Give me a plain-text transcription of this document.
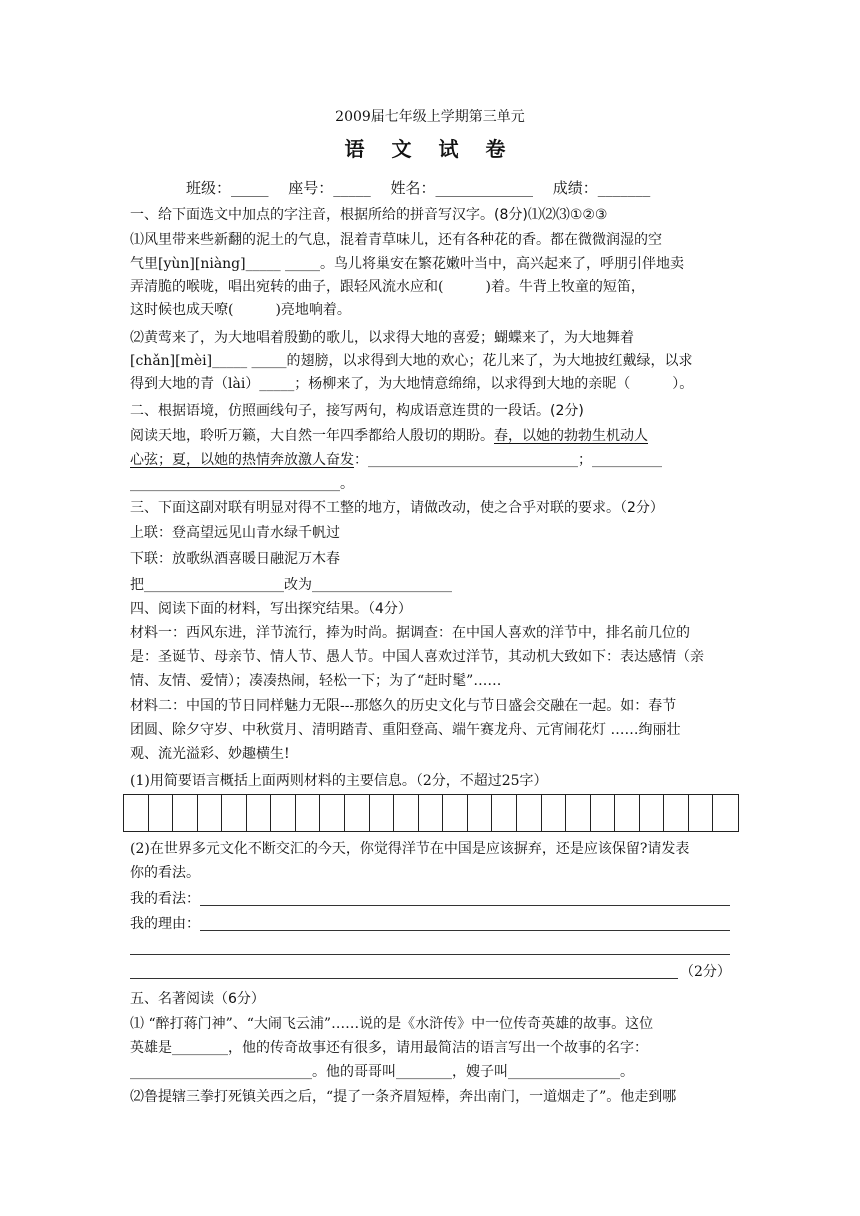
2009届七年级上学期第三单元
语 文 试 卷
班级：_____　 座号：_____　 姓名：_____________　 成绩：_______
一、给下面选文中加点的字注音，根据所给的拼音写汉字。(8分)⑴⑵⑶①②③
⑴风里带来些新翻的泥土的气息，混着青草味儿，还有各种花的香。都在微微润湿的空
气里[yùn][niàng]_____ _____。鸟儿将巢安在繁花嫩叶当中，高兴起来了，呼朋引伴地卖
弄清脆的喉咙，唱出宛转的曲子，跟轻风流水应和(　　　)着。牛背上牧童的短笛，
这时候也成天嘹(　　　)亮地响着。
⑵黄莺来了，为大地唱着殷勤的歌儿，以求得大地的喜爱；蝴蝶来了，为大地舞着
[chǎn][mèi]_____ _____的翅膀，以求得到大地的欢心；花儿来了，为大地披红戴绿，以求
得到大地的青（lài）_____；杨柳来了，为大地情意绵绵，以求得到大地的亲昵（　　　）。
二、根据语境，仿照画线句子，接写两句，构成语意连贯的一段话。(2分)
阅读天地，聆听万籁，大自然一年四季都给人殷切的期盼。春，以她的勃勃生机动人
心弦；夏，以她的热情奔放激人奋发：______________________________；__________
______________________________。
三、下面这副对联有明显对得不工整的地方，请做改动，使之合乎对联的要求。（2分）
上联：登高望远见山青水绿千帆过
下联：放歌纵酒喜暖日融泥万木春
把____________________改为____________________
四、阅读下面的材料，写出探究结果。（4分）
材料一：西风东进，洋节流行，捧为时尚。据调查：在中国人喜欢的洋节中，排名前几位的
是：圣诞节、母亲节、情人节、愚人节。中国人喜欢过洋节，其动机大致如下：表达感情（亲
情、友情、爱情）；凑凑热闹，轻松一下；为了“赶时髦”……
材料二：中国的节日同样魅力无限---那悠久的历史文化与节日盛会交融在一起。如：春节
团圆、除夕守岁、中秋赏月、清明踏青、重阳登高、端午赛龙舟、元宵闹花灯 ……绚丽壮
观、流光溢彩、妙趣横生!
(1)用简要语言概括上面两则材料的主要信息。（2分，不超过25字）
(2)在世界多元文化不断交汇的今天，你觉得洋节在中国是应该摒弃，还是应该保留?请发表
你的看法。
我的看法：
我的理由：
（2分）
五、名著阅读（6分）
⑴ “醉打蒋门神”、“大闹飞云浦”……说的是《水浒传》中一位传奇英雄的故事。这位
英雄是________，他的传奇故事还有很多，请用最简洁的语言写出一个故事的名字：
__________________________。他的哥哥叫________，嫂子叫________________。
⑵鲁提辖三拳打死镇关西之后，“提了一条齐眉短棒，奔出南门，一道烟走了”。他走到哪
